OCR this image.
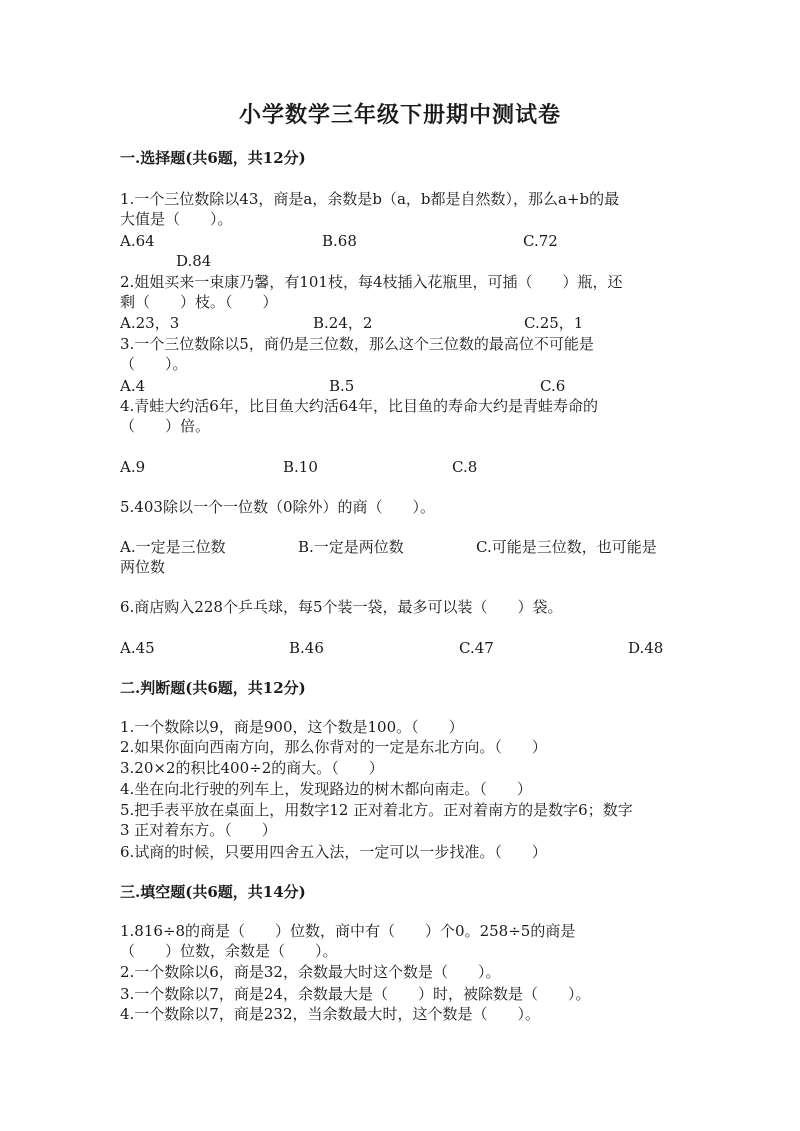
小学数学三年级下册期中测试卷
一.选择题(共6题，共12分)
1.一个三位数除以43，商是a，余数是b（a，b都是自然数），那么a+b的最
大值是（　　）。
A.64	B.68	C.72
D.84
2.姐姐买来一束康乃馨，有101枝，每4枝插入花瓶里，可插（　　）瓶，还
剩（　　）枝。（　　）
A.23，3	B.24，2	C.25，1
3.一个三位数除以5，商仍是三位数，那么这个三位数的最高位不可能是
（　　）。
A.4	B.5	C.6
4.青蛙大约活6年，比目鱼大约活64年，比目鱼的寿命大约是青蛙寿命的
（　　）倍。
A.9	B.10	C.8
5.403除以一个一位数（0除外）的商（　　）。
A.一定是三位数	B.一定是两位数	C.可能是三位数，也可能是
两位数
6.商店购入228个乒乓球，每5个装一袋，最多可以装（　　）袋。
A.45	B.46	C.47	D.48
二.判断题(共6题，共12分)
1.一个数除以9，商是900，这个数是100。（　　）
2.如果你面向西南方向，那么你背对的一定是东北方向。（　　）
3.20×2的积比400÷2的商大。（　　）
4.坐在向北行驶的列车上，发现路边的树木都向南走。（　　）
5.把手表平放在桌面上，用数字12 正对着北方。正对着南方的是数字6；数字
3 正对着东方。（　　）
6.试商的时候，只要用四舍五入法，一定可以一步找准。（　　）
三.填空题(共6题，共14分)
1.816÷8的商是（　　）位数，商中有（　　）个0。258÷5的商是
（　　）位数，余数是（　　）。
2.一个数除以6，商是32，余数最大时这个数是（　　）。
3.一个数除以7，商是24，余数最大是（　　）时，被除数是（　　）。
4.一个数除以7，商是232，当余数最大时，这个数是（　　）。
